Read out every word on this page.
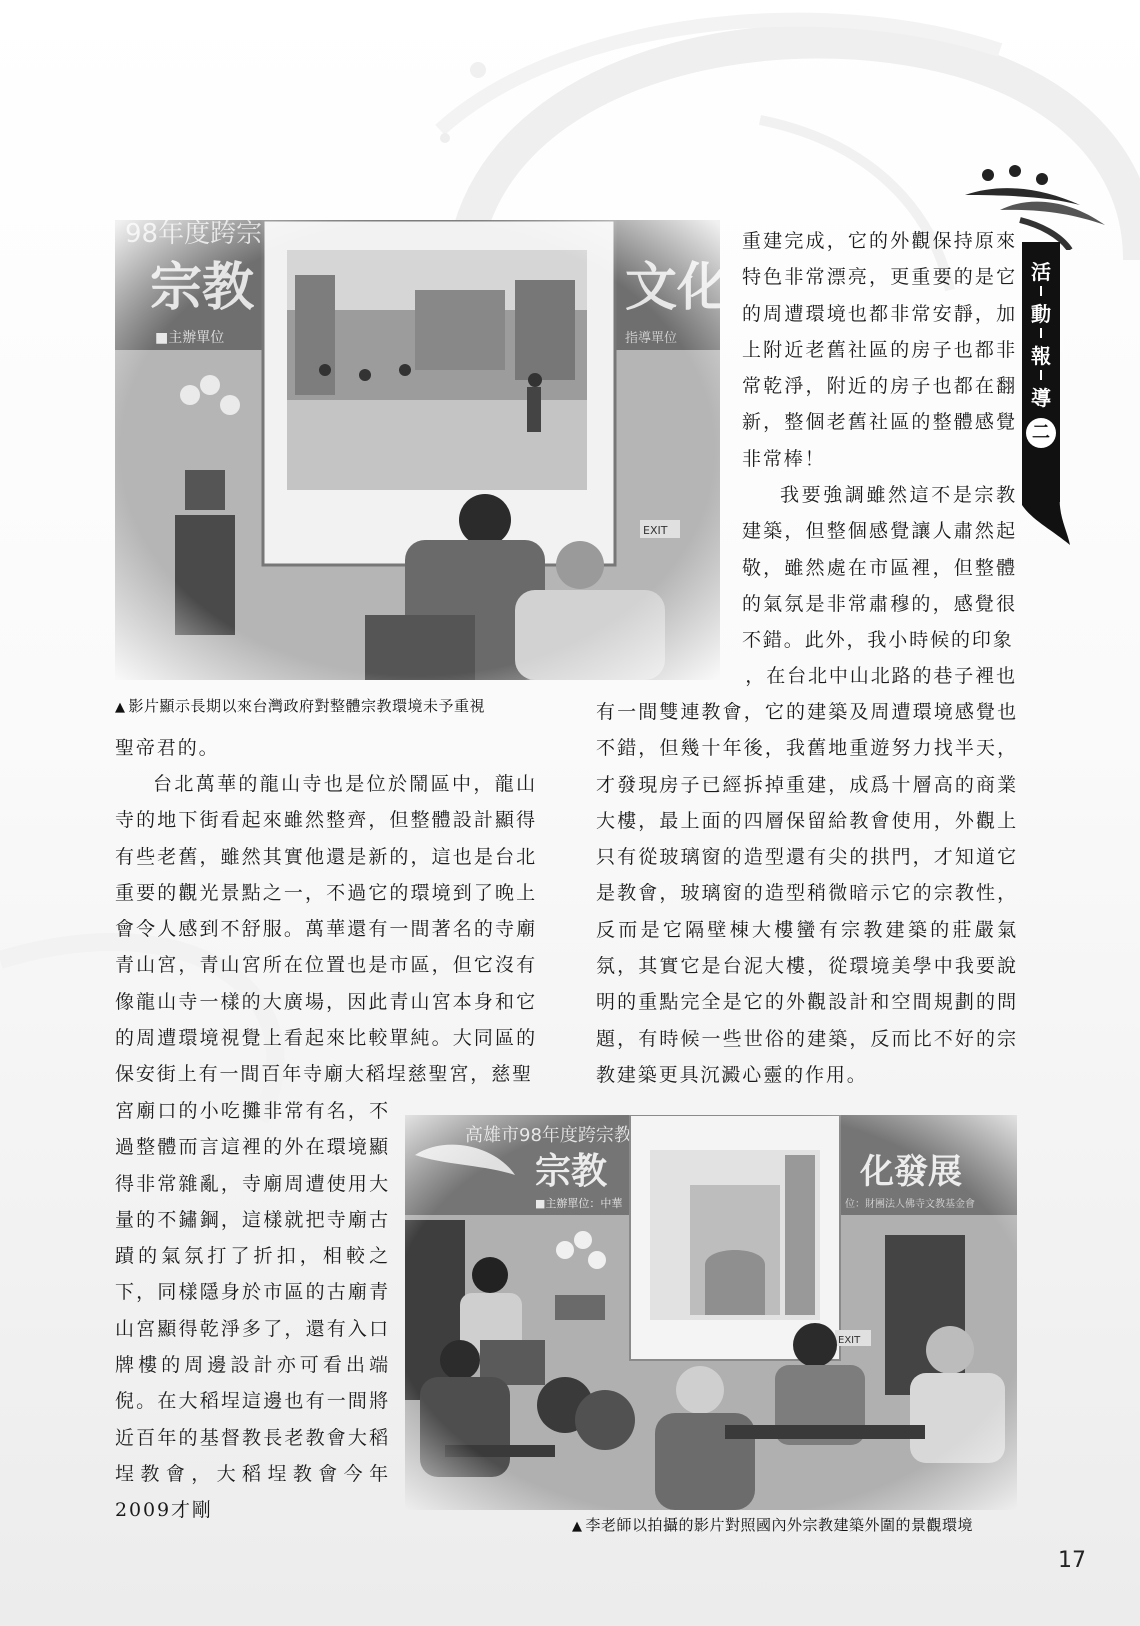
活
動
報
導
二
▲ 影片顯示長期以來台灣政府對整體宗教環境未予重視

重建完成，它的外觀保持原來特色非常漂亮，更重要的是它的周遭環境也都非常安靜，加上附近老舊社區的房子也都非常乾淨，附近的房子也都在翻新，整個老舊社區的整體感覺非常棒！

我要強調雖然這不是宗教建築，但整個感覺讓人肅然起敬，雖然處在市區裡，但整體的氣氛是非常肅穆的，感覺很不錯。此外，我小時候的印象

，在台北中山北路的巷子裡也

有一間雙連教會，它的建築及周遭環境感覺也不錯，但幾十年後，我舊地重遊努力找半天，才發現房子已經拆掉重建，成爲十層高的商業大樓，最上面的四層保留給教會使用，外觀上只有從玻璃窗的造型還有尖的拱門，才知道它是教會，玻璃窗的造型稍微暗示它的宗教性，反而是它隔壁棟大樓蠻有宗教建築的莊嚴氣氛，其實它是台泥大樓，從環境美學中我要說明的重點完全是它的外觀設計和空間規劃的問題，有時候一些世俗的建築，反而比不好的宗教建築更具沉澱心靈的作用。

聖帝君的。

台北萬華的龍山寺也是位於鬧區中，龍山寺的地下街看起來雖然整齊，但整體設計顯得有些老舊，雖然其實他還是新的，這也是台北重要的觀光景點之一，不過它的環境到了晚上會令人感到不舒服。萬華還有一間著名的寺廟青山宮，青山宮所在位置也是市區，但它沒有像龍山寺一樣的大廣場，因此青山宮本身和它的周遭環境視覺上看起來比較單純。大同區的保安街上有一間百年寺廟大稻埕慈聖宮，慈聖

宮廟口的小吃攤非常有名，不過整體而言這裡的外在環境顯得非常雜亂，寺廟周遭使用大量的不鏽鋼，這樣就把寺廟古蹟的氣氛打了折扣，相較之下，同樣隱身於市區的古廟青山宮顯得乾淨多了，還有入口牌樓的周邊設計亦可看出端倪。在大稻埕這邊也有一間將近百年的基督教長老教會大稻埕教會，大稻埕教會今年2009才剛

▲ 李老師以拍攝的影片對照國內外宗教建築外圍的景觀環境
17
